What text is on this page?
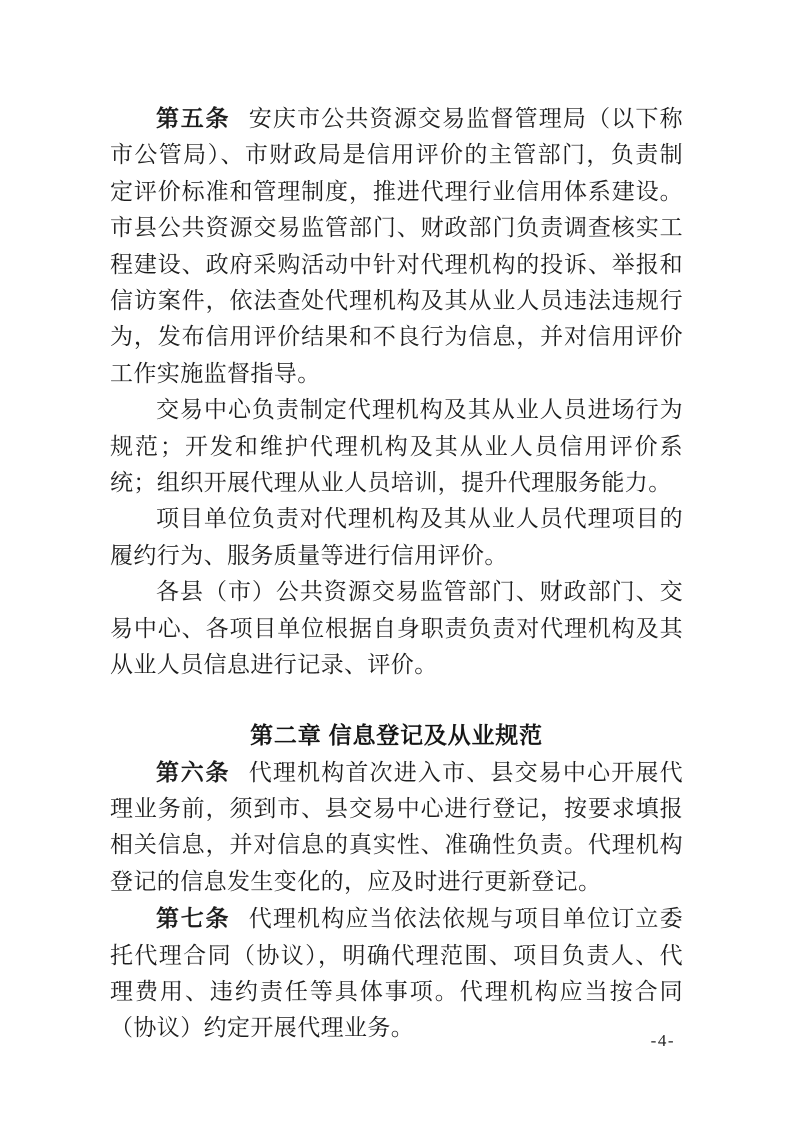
第五条 安庆市公共资源交易监督管理局（以下称市公管局）、市财政局是信用评价的主管部门，负责制定评价标准和管理制度，推进代理行业信用体系建设。市县公共资源交易监管部门、财政部门负责调查核实工程建设、政府采购活动中针对代理机构的投诉、举报和信访案件，依法查处代理机构及其从业人员违法违规行为，发布信用评价结果和不良行为信息，并对信用评价工作实施监督指导。

交易中心负责制定代理机构及其从业人员进场行为规范；开发和维护代理机构及其从业人员信用评价系统；组织开展代理从业人员培训，提升代理服务能力。

项目单位负责对代理机构及其从业人员代理项目的履约行为、服务质量等进行信用评价。

各县（市）公共资源交易监管部门、财政部门、交易中心、各项目单位根据自身职责负责对代理机构及其从业人员信息进行记录、评价。

第二章 信息登记及从业规范

第六条 代理机构首次进入市、县交易中心开展代理业务前，须到市、县交易中心进行登记，按要求填报相关信息，并对信息的真实性、准确性负责。代理机构登记的信息发生变化的，应及时进行更新登记。

第七条 代理机构应当依法依规与项目单位订立委托代理合同（协议），明确代理范围、项目负责人、代理费用、违约责任等具体事项。代理机构应当按合同（协议）约定开展代理业务。

-4-
